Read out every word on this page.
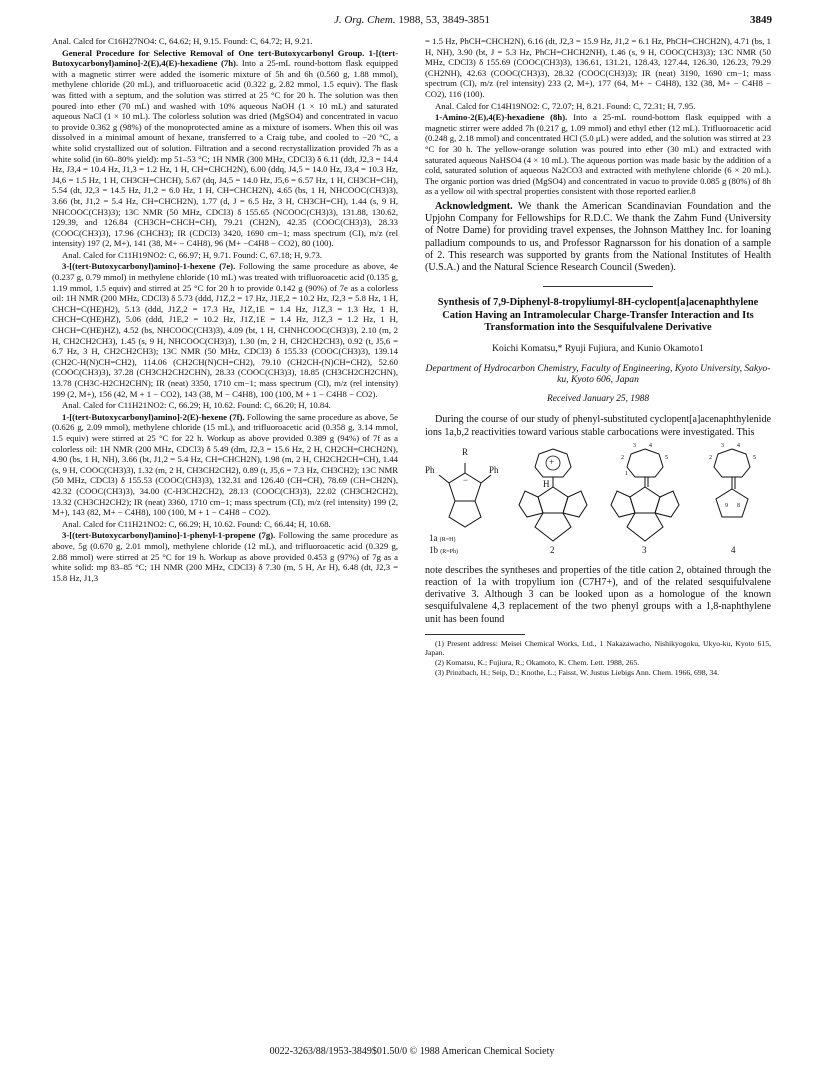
J. Org. Chem. 1988, 53, 3849-3851	3849

Anal. Calcd for C16H27NO4: C, 64.62; H, 9.15. Found: C, 64.72; H, 9.21.

General Procedure for Selective Removal of One tert-Butoxycarbonyl Group. 1-[(tert-Butoxycarbonyl)amino]-2(E),4(E)-hexadiene (7h). Into a 25-mL round-bottom flask equipped with a magnetic stirrer were added the isomeric mixture of 5h and 6h (0.560 g, 1.88 mmol), methylene chloride (20 mL), and trifluoroacetic acid (0.322 g, 2.82 mmol, 1.5 equiv). The flask was fitted with a septum, and the solution was stirred at 25 °C for 20 h. The solution was then poured into ether (70 mL) and washed with 10% aqueous NaOH (1 × 10 mL) and saturated aqueous NaCl (1 × 10 mL). The colorless solution was dried (MgSO4) and concentrated in vacuo to provide 0.362 g (98%) of the monoprotected amine as a mixture of isomers. When this oil was dissolved in a minimal amount of hexane, transferred to a Craig tube, and cooled to −20 °C, a white solid crystallized out of solution. Filtration and a second recrystallization provided 7h as a white solid (in 60–80% yield): mp 51–53 °C; 1H NMR (300 MHz, CDCl3) δ 6.11 (ddt, J2,3 = 14.4 Hz, J3,4 = 10.4 Hz, J1,3 = 1.2 Hz, 1 H, CH=CHCH2N), 6.00 (ddq, J4,5 = 14.0 Hz, J3,4 = 10.3 Hz, J4,6 = 1.5 Hz, 1 H, CH3CH=CHCH), 5.67 (dq, J4,5 = 14.0 Hz, J5,6 = 6.57 Hz, 1 H, CH3CH=CH), 5.54 (dt, J2,3 = 14.5 Hz, J1,2 = 6.0 Hz, 1 H, CH=CHCH2N), 4.65 (bs, 1 H, NHCOOC(CH3)3), 3.66 (bt, J1,2 = 5.4 Hz, CH=CHCH2N), 1.77 (d, J = 6.5 Hz, 3 H, CH3CH=CH), 1.44 (s, 9 H, NHCOOC(CH3)3); 13C NMR (50 MHz, CDCl3) δ 155.65 (NCOOC(CH3)3), 131.88, 130.62, 129.39, and 126.84 (CH3CH=CHCH=CH), 79.21 (CH2N), 42.35 (COOC(CH3)3), 28.33 (COOC(CH3)3), 17.96 (CHCH3); IR (CDCl3) 3420, 1690 cm−1; mass spectrum (CI), m/z (rel intensity) 197 (2, M+), 141 (38, M+ − C4H8), 96 (M+ −C4H8 − CO2), 80 (100).

Anal. Calcd for C11H19NO2: C, 66.97; H, 9.71. Found: C, 67.18; H, 9.73.

3-[(tert-Butoxycarbonyl)amino]-1-hexene (7e). Following the same procedure as above, 4e (0.237 g, 0.79 mmol) in methylene chloride (10 mL) was treated with trifluoroacetic acid (0.135 g, 1.19 mmol, 1.5 equiv) and stirred at 25 °C for 20 h to provide 0.142 g (90%) of 7e as a colorless oil: 1H NMR (200 MHz, CDCl3) δ 5.73 (ddd, J1Z,2 = 17 Hz, J1E,2 = 10.2 Hz, J2,3 = 5.8 Hz, 1 H, CHCH=C(HE)H2), 5.13 (ddd, J1Z,2 = 17.3 Hz, J1Z,1E = 1.4 Hz, J1Z,3 = 1.3 Hz, 1 H, CHCH=C(HE)HZ), 5.06 (ddd, J1E,2 = 10.2 Hz, J1Z,1E = 1.4 Hz, J1Z,3 = 1.2 Hz, 1 H, CHCH=C(HE)HZ), 4.52 (bs, NHCOOC(CH3)3), 4.09 (bt, 1 H, CHNHCOOC(CH3)3), 2.10 (m, 2 H, CH2CH2CH3), 1.45 (s, 9 H, NHCOOC(CH3)3), 1.30 (m, 2 H, CH2CH2CH3), 0.92 (t, J5,6 = 6.7 Hz, 3 H, CH2CH2CH3); 13C NMR (50 MHz, CDCl3) δ 155.33 (COOC(CH3)3), 139.14 (CH2C-H(N)CH=CH2), 114.06 (CH2CH(N)CH=CH2), 79.10 (CH2CH-(N)CH=CH2), 52.60 (COOC(CH3)3), 37.28 (CH3CH2CH2CHN), 28.33 (COOC(CH3)3), 18.85 (CH3CH2CH2CHN), 13.78 (CH3C-H2CH2CHN); IR (neat) 3350, 1710 cm−1; mass spectrum (CI), m/z (rel intensity) 199 (2, M+), 156 (42, M + 1 − CO2), 143 (38, M − C4H8), 100 (100, M + 1 − C4H8 − CO2).

Anal. Calcd for C11H21NO2: C, 66.29; H, 10.62. Found: C, 66.20; H, 10.84.

1-[(tert-Butoxycarbonyl)amino]-2(E)-hexene (7f). Following the same procedure as above, 5e (0.626 g, 2.09 mmol), methylene chloride (15 mL), and trifluoroacetic acid (0.358 g, 3.14 mmol, 1.5 equiv) were stirred at 25 °C for 22 h. Workup as above provided 0.389 g (94%) of 7f as a colorless oil: 1H NMR (200 MHz, CDCl3) δ 5.49 (dm, J2,3 = 15.6 Hz, 2 H, CH2CH=CHCH2N), 4.90 (bs, 1 H, NH), 3.66 (bt, J1,2 = 5.4 Hz, CH=CHCH2N), 1.98 (m, 2 H, CH2CH2CH=CH), 1.44 (s, 9 H, COOC(CH3)3), 1.32 (m, 2 H, CH3CH2CH2), 0.89 (t, J5,6 = 7.3 Hz, CH3CH2); 13C NMR (50 MHz, CDCl3) δ 155.53 (COOC(CH3)3), 132.31 and 126.40 (CH=CH), 78.69 (CH=CH2N), 42.32 (COOC(CH3)3), 34.00 (C-H3CH2CH2), 28.13 (COOC(CH3)3), 22.02 (CH3CH2CH2), 13.32 (CH3CH2CH2); IR (neat) 3360, 1710 cm−1; mass spectrum (CI), m/z (rel intensity) 199 (2, M+), 143 (82, M+ − C4H8), 100 (100, M + 1 − C4H8 − CO2).

Anal. Calcd for C11H21NO2: C, 66.29; H, 10.62. Found: C, 66.44; H, 10.68.

3-[(tert-Butoxycarbonyl)amino]-1-phenyl-1-propene (7g). Following the same procedure as above, 5g (0.670 g, 2.01 mmol), methylene chloride (12 mL), and trifluoroacetic acid (0.329 g, 2.88 mmol) were stirred at 25 °C for 19 h. Workup as above provided 0.453 g (97%) of 7g as a white solid: mp 83–85 °C; 1H NMR (200 MHz, CDCl3) δ 7.30 (m, 5 H, Ar H), 6.48 (dt, J2,3 = 15.8 Hz, J1,3

= 1.5 Hz, PhCH=CHCH2N), 6.16 (dt, J2,3 = 15.9 Hz, J1,2 = 6.1 Hz, PhCH=CHCH2N), 4.71 (bs, 1 H, NH), 3.90 (bt, J = 5.3 Hz, PhCH=CHCH2NH), 1.46 (s, 9 H, COOC(CH3)3); 13C NMR (50 MHz, CDCl3) δ 155.69 (COOC(CH3)3), 136.61, 131.21, 128.43, 127.44, 126.30, 126.23, 79.29 (CH2NH), 42.63 (COOC(CH3)3), 28.32 (COOC(CH3)3); IR (neat) 3190, 1690 cm−1; mass spectrum (CI), m/z (rel intensity) 233 (2, M+), 177 (64, M+ − C4H8), 132 (38, M+ − C4H8 − CO2), 116 (100).

Anal. Calcd for C14H19NO2: C, 72.07; H, 8.21. Found: C, 72.31; H, 7.95.

1-Amino-2(E),4(E)-hexadiene (8h). Into a 25-mL round-bottom flask equipped with a magnetic stirrer were added 7h (0.217 g, 1.09 mmol) and ethyl ether (12 mL). Trifluoroacetic acid (0.248 g, 2.18 mmol) and concentrated HCl (5.0 μL) were added, and the solution was stirred at 23 °C for 30 h. The yellow-orange solution was poured into ether (30 mL) and extracted with saturated aqueous NaHSO4 (4 × 10 mL). The aqueous portion was made basic by the addition of a cold, saturated solution of aqueous Na2CO3 and extracted with methylene chloride (6 × 20 mL). The organic portion was dried (MgSO4) and concentrated in vacuo to provide 0.085 g (80%) of 8h as a yellow oil with spectral properties consistent with those reported earlier.8

Acknowledgment. We thank the American Scandinavian Foundation and the Upjohn Company for Fellowships for R.D.C. We thank the Zahm Fund (University of Notre Dame) for providing travel expenses, the Johnson Matthey Inc. for loaning palladium compounds to us, and Professor Ragnarsson for his donation of a sample of 2. This research was supported by grants from the National Institutes of Health (U.S.A.) and the Natural Science Research Council (Sweden).

Synthesis of 7,9-Diphenyl-8-tropyliumyl-8H-cyclopent[a]acenaphthylene Cation Having an Intramolecular Charge-Transfer Interaction and Its Transformation into the Sesquifulvalene Derivative
Koichi Komatsu,* Ryuji Fujiura, and Kunio Okamoto1
Department of Hydrocarbon Chemistry, Faculty of Engineering, Kyoto University, Sakyo-ku, Kyoto 606, Japan
Received January 25, 1988

During the course of our study of phenyl-substituted cyclopent[a]acenaphthylenide ions 1a,b,2 reactivities toward various stable carbocations were investigated. This

Ph	Ph
R
−
1a (R=H)
1b (R=Ph)
+
H
2
3 4
2	5
1
3
3 4
2	5
9 8
4

note describes the syntheses and properties of the title cation 2, obtained through the reaction of 1a with tropylium ion (C7H7+), and of the related sesquifulvalene derivative 3. Although 3 can be looked upon as a homologue of the known sesquifulvalene 4,3 replacement of the two phenyl groups with a 1,8-naphthylene unit has been found

(1) Present address: Meisei Chemical Works, Ltd., 1 Nakazawacho, Nishikyogoku, Ukyo-ku, Kyoto 615, Japan.

(2) Komatsu, K.; Fujiura, R.; Okamoto, K. Chem. Lett. 1988, 265.

(3) Prinzbach, H.; Seip, D.; Knothe, L.; Faisst, W. Justus Liebigs Ann. Chem. 1966, 698, 34.

0022-3263/88/1953-3849$01.50/0 © 1988 American Chemical Society
